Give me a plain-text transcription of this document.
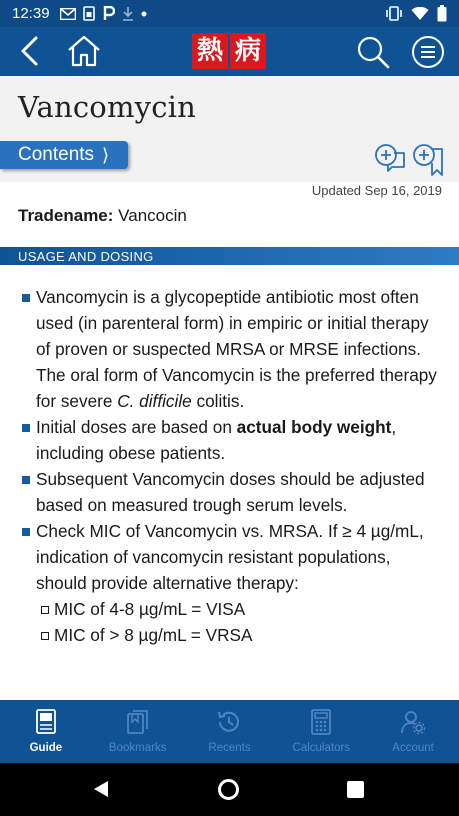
12:39
熱 病
Vancomycin
Contents ⟩
Updated Sep 16, 2019
Tradename: Vancocin
USAGE AND DOSING
Vancomycin is a glycopeptide antibiotic most often used (in parenteral form) in empiric or initial therapy of proven or suspected MRSA or MRSE infections. The oral form of Vancomycin is the preferred therapy for severe C. difficile colitis.
Initial doses are based on actual body weight, including obese patients.
Subsequent Vancomycin doses should be adjusted based on measured trough serum levels.
Check MIC of Vancomycin vs. MRSA. If ≥ 4 µg/mL, indication of vancomycin resistant populations, should provide alternative therapy:
MIC of 4-8 µg/mL = VISA
MIC of > 8 µg/mL = VRSA
Guide	Bookmarks	Recents	Calculators	Account
